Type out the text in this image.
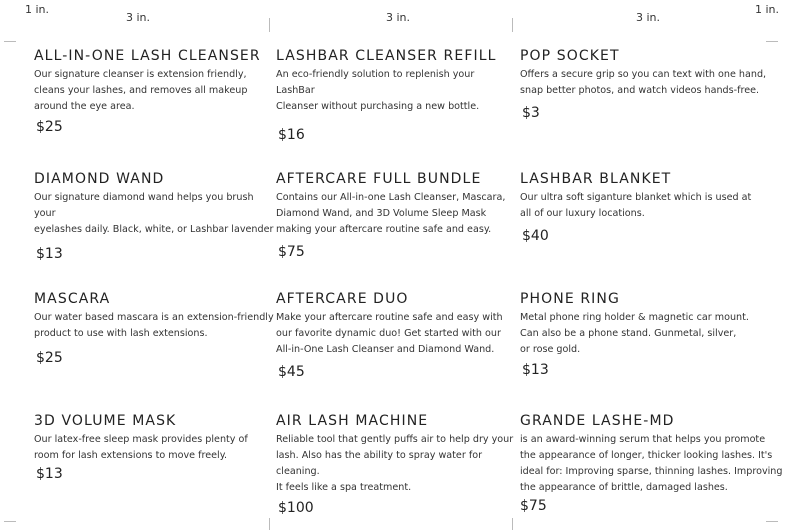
1 in.
3 in.	3 in.	3 in.
1 in.
ALL-IN-ONE LASH CLEANSER
Our signature cleanser is extension friendly,
cleans your lashes, and removes all makeup
around the eye area.
$25
LASHBAR CLEANSER REFILL
An eco-friendly solution to replenish your LashBar
Cleanser without purchasing a new bottle.
$16
POP SOCKET
Offers a secure grip so you can text with one hand,
snap better photos, and watch videos hands-free.
$3
DIAMOND WAND
Our signature diamond wand helps you brush your
eyelashes daily. Black, white, or Lashbar lavender
$13
AFTERCARE FULL BUNDLE
Contains our All-in-one Lash Cleanser, Mascara,
Diamond Wand, and 3D Volume Sleep Mask
making your aftercare routine safe and easy.
$75
LASHBAR BLANKET
Our ultra soft siganture blanket which is used at
all of our luxury locations.
$40
MASCARA
Our water based mascara is an extension-friendly
product to use with lash extensions.
$25
AFTERCARE DUO
Make your aftercare routine safe and easy with
our favorite dynamic duo! Get started with our
All-in-One Lash Cleanser and Diamond Wand.
$45
PHONE RING
Metal phone ring holder & magnetic car mount.
Can also be a phone stand. Gunmetal, silver,
or rose gold.
$13
3D VOLUME MASK
Our latex-free sleep mask provides plenty of
room for lash extensions to move freely.
$13
AIR LASH MACHINE
Reliable tool that gently puffs air to help dry your
lash. Also has the ability to spray water for cleaning.
It feels like a spa treatment.
$100
GRANDE LASHE-MD
is an award-winning serum that helps you promote
the appearance of longer, thicker looking lashes. It's
ideal for: Improving sparse, thinning lashes. Improving
the appearance of brittle, damaged lashes.
$75
